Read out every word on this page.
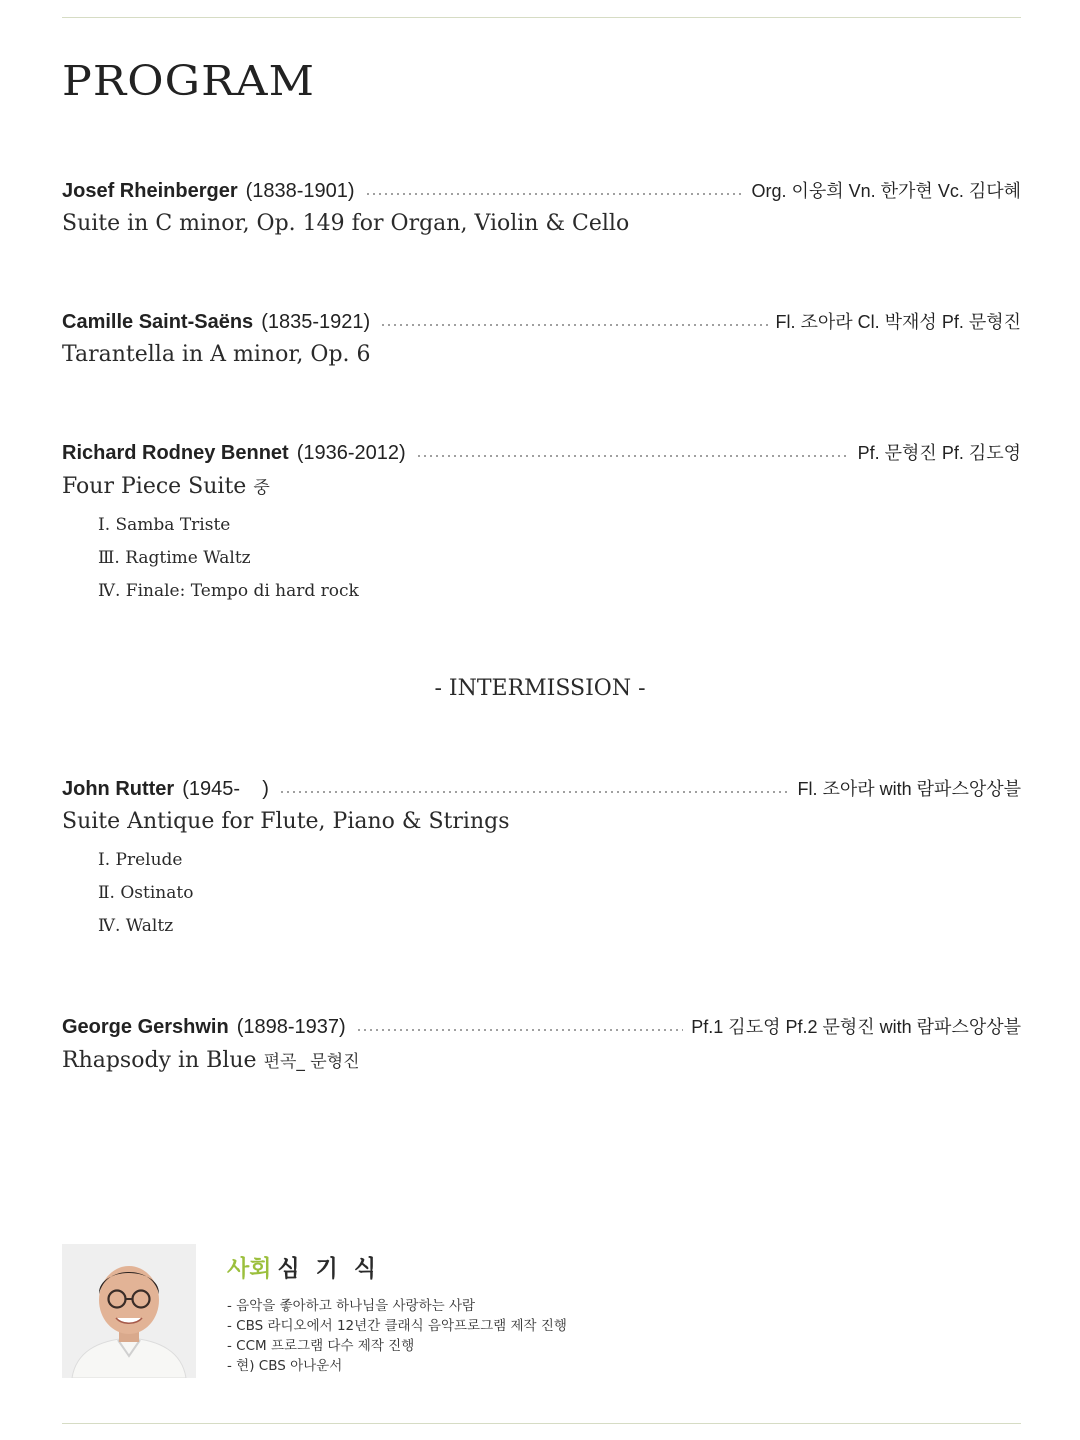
PROGRAM
Josef Rheinberger (1838-1901)	Org. 이웅희 Vn. 한가현 Vc. 김다혜
Suite in C minor, Op. 149 for Organ, Violin & Cello
Camille Saint-Saëns (1835-1921)	Fl. 조아라 Cl. 박재성 Pf. 문형진
Tarantella in A minor, Op. 6
Richard Rodney Bennet (1936-2012)	Pf. 문형진 Pf. 김도영
Four Piece Suite 중
Ⅰ. Samba Triste
Ⅲ. Ragtime Waltz
Ⅳ. Finale: Tempo di hard rock
- INTERMISSION -
John Rutter (1945-    )	Fl. 조아라 with 람파스앙상블
Suite Antique for Flute, Piano & Strings
Ⅰ. Prelude
Ⅱ. Ostinato
Ⅳ. Waltz
George Gershwin (1898-1937)	Pf.1 김도영 Pf.2 문형진 with 람파스앙상블
Rhapsody in Blue 편곡_ 문형진
사회 심 기 식
- 음악을 좋아하고 하나님을 사랑하는 사람
- CBS 라디오에서 12년간 클래식 음악프로그램 제작 진행
- CCM 프로그램 다수 제작 진행
- 현) CBS 아나운서
